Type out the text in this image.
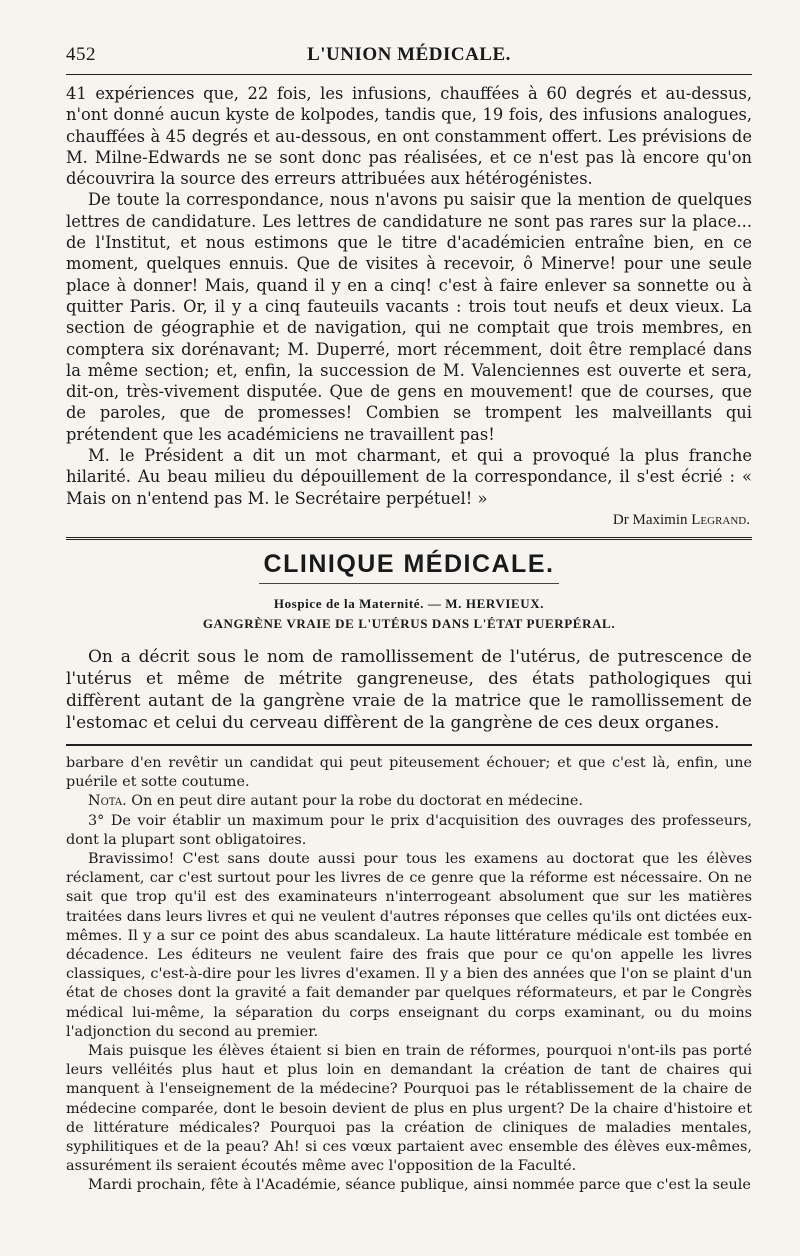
452	L'UNION MÉDICALE.

41 expériences que, 22 fois, les infusions, chauffées à 60 degrés et au-dessus, n'ont donné aucun kyste de kolpodes, tandis que, 19 fois, des infusions analogues, chauffées à 45 degrés et au-dessous, en ont constamment offert. Les prévisions de M. Milne-Edwards ne se sont donc pas réalisées, et ce n'est pas là encore qu'on découvrira la source des erreurs attribuées aux hétérogénistes.

De toute la correspondance, nous n'avons pu saisir que la mention de quelques lettres de candidature. Les lettres de candidature ne sont pas rares sur la place... de l'Institut, et nous estimons que le titre d'académicien entraîne bien, en ce moment, quelques ennuis. Que de visites à recevoir, ô Minerve! pour une seule place à donner! Mais, quand il y en a cinq! c'est à faire enlever sa sonnette ou à quitter Paris. Or, il y a cinq fauteuils vacants : trois tout neufs et deux vieux. La section de géographie et de navigation, qui ne comptait que trois membres, en comptera six dorénavant; M. Duperré, mort récemment, doit être remplacé dans la même section; et, enfin, la succession de M. Valenciennes est ouverte et sera, dit-on, très-vivement disputée. Que de gens en mouvement! que de courses, que de paroles, que de promesses! Combien se trompent les malveillants qui prétendent que les académiciens ne travaillent pas!

M. le Président a dit un mot charmant, et qui a provoqué la plus franche hilarité. Au beau milieu du dépouillement de la correspondance, il s'est écrié : « Mais on n'entend pas M. le Secrétaire perpétuel! »

Dr Maximin Legrand.
CLINIQUE MÉDICALE.
Hospice de la Maternité. — M. HERVIEUX.
GANGRÈNE VRAIE DE L'UTÉRUS DANS L'ÉTAT PUERPÉRAL.

On a décrit sous le nom de ramollissement de l'utérus, de putrescence de l'utérus et même de métrite gangreneuse, des états pathologiques qui diffèrent autant de la gangrène vraie de la matrice que le ramollissement de l'estomac et celui du cerveau diffèrent de la gangrène de ces deux organes.

barbare d'en revêtir un candidat qui peut piteusement échouer; et que c'est là, enfin, une puérile et sotte coutume.

Nota. On en peut dire autant pour la robe du doctorat en médecine.

3° De voir établir un maximum pour le prix d'acquisition des ouvrages des professeurs, dont la plupart sont obligatoires.

Bravissimo! C'est sans doute aussi pour tous les examens au doctorat que les élèves réclament, car c'est surtout pour les livres de ce genre que la réforme est nécessaire. On ne sait que trop qu'il est des examinateurs n'interrogeant absolument que sur les matières traitées dans leurs livres et qui ne veulent d'autres réponses que celles qu'ils ont dictées eux-mêmes. Il y a sur ce point des abus scandaleux. La haute littérature médicale est tombée en décadence. Les éditeurs ne veulent faire des frais que pour ce qu'on appelle les livres classiques, c'est-à-dire pour les livres d'examen. Il y a bien des années que l'on se plaint d'un état de choses dont la gravité a fait demander par quelques réformateurs, et par le Congrès médical lui-même, la séparation du corps enseignant du corps examinant, ou du moins l'adjonction du second au premier.

Mais puisque les élèves étaient si bien en train de réformes, pourquoi n'ont-ils pas porté leurs velléités plus haut et plus loin en demandant la création de tant de chaires qui manquent à l'enseignement de la médecine? Pourquoi pas le rétablissement de la chaire de médecine comparée, dont le besoin devient de plus en plus urgent? De la chaire d'histoire et de littérature médicales? Pourquoi pas la création de cliniques de maladies mentales, syphilitiques et de la peau? Ah! si ces vœux partaient avec ensemble des élèves eux-mêmes, assurément ils seraient écoutés même avec l'opposition de la Faculté.

Mardi prochain, fête à l'Académie, séance publique, ainsi nommée parce que c'est la seule
